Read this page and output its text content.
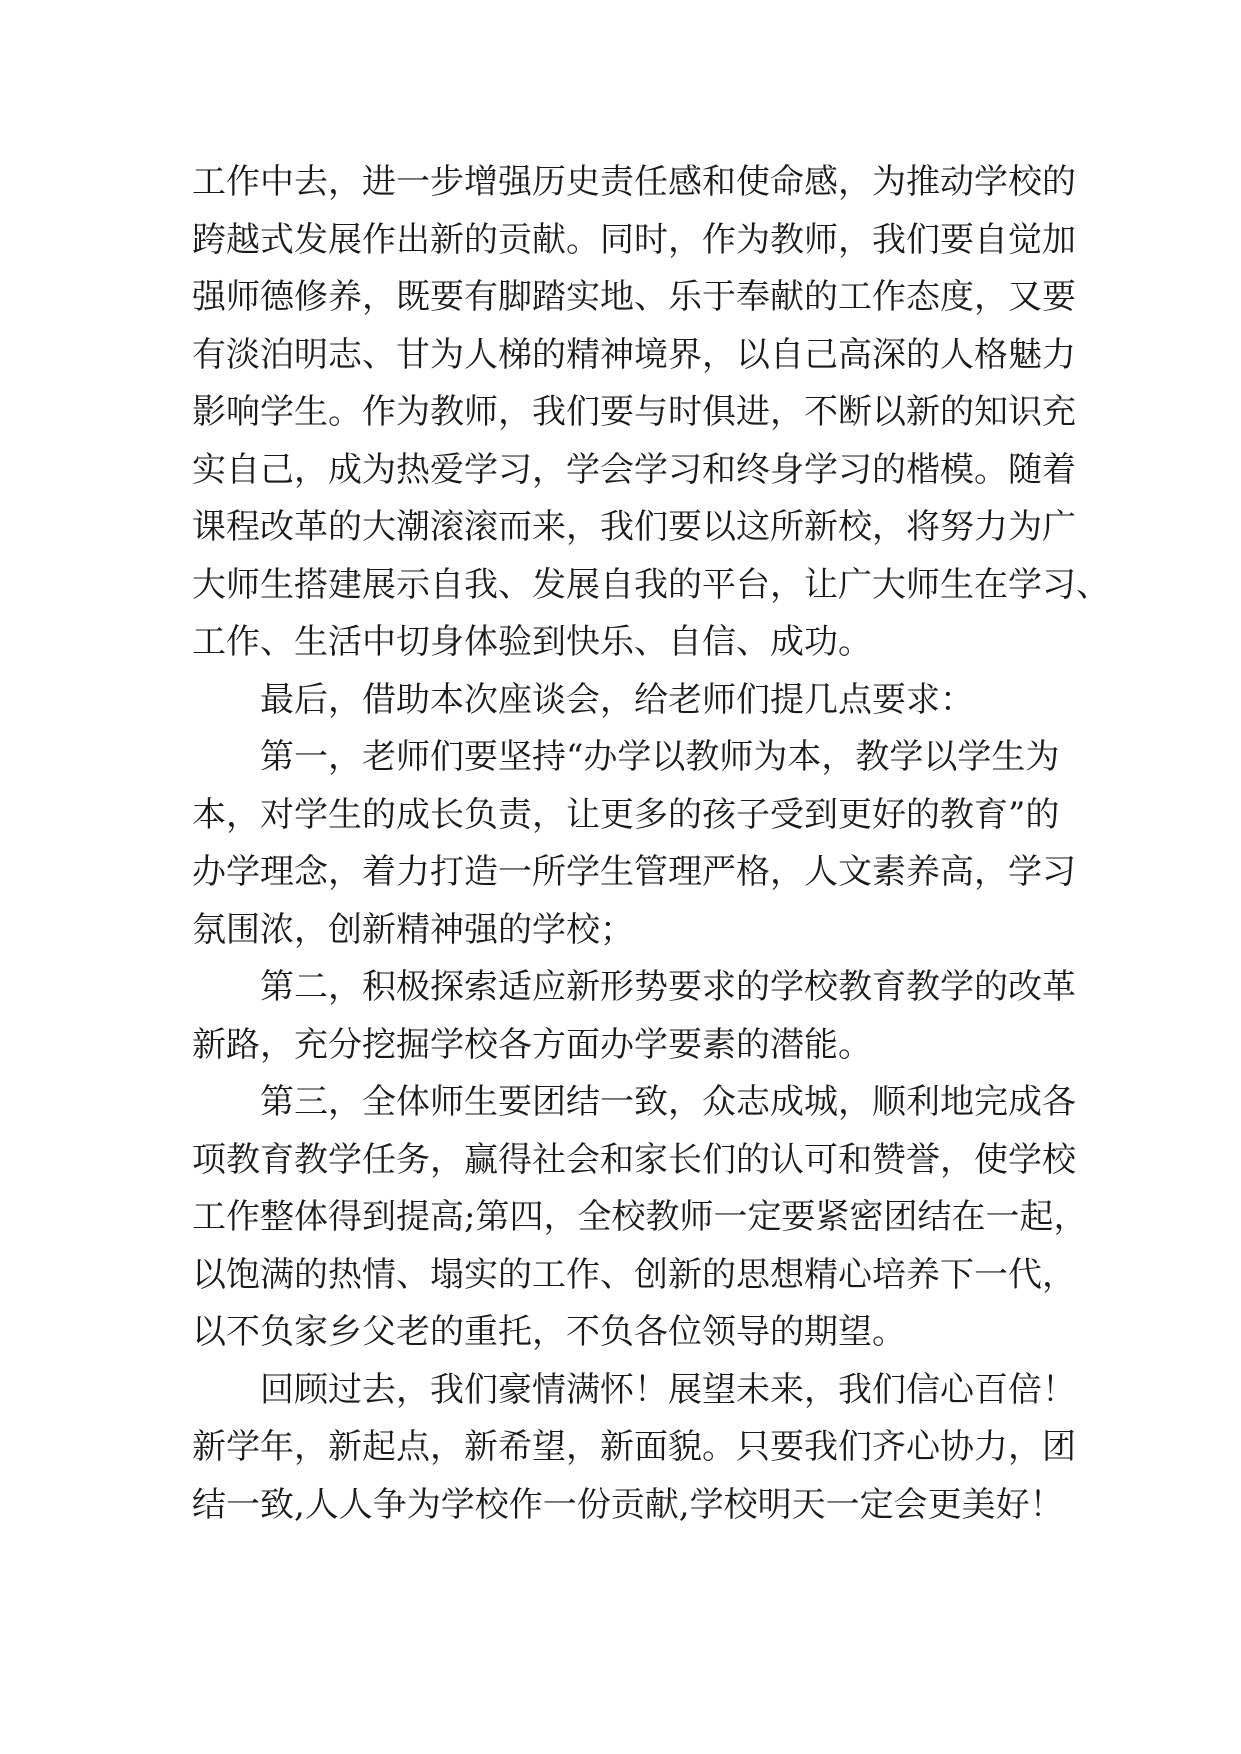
工作中去，进一步增强历史责任感和使命感，为推动学校的
跨越式发展作出新的贡献。同时，作为教师，我们要自觉加
强师德修养，既要有脚踏实地、乐于奉献的工作态度，又要
有淡泊明志、甘为人梯的精神境界，以自己高深的人格魅力
影响学生。作为教师，我们要与时俱进，不断以新的知识充
实自己，成为热爱学习，学会学习和终身学习的楷模。随着
课程改革的大潮滚滚而来，我们要以这所新校，将努力为广
大师生搭建展示自我、发展自我的平台，让广大师生在学习、
工作、生活中切身体验到快乐、自信、成功。
最后，借助本次座谈会，给老师们提几点要求：
第一，老师们要坚持“办学以教师为本，教学以学生为
本，对学生的成长负责，让更多的孩子受到更好的教育”的
办学理念，着力打造一所学生管理严格，人文素养高，学习
氛围浓，创新精神强的学校；
第二，积极探索适应新形势要求的学校教育教学的改革
新路，充分挖掘学校各方面办学要素的潜能。
第三，全体师生要团结一致，众志成城，顺利地完成各
项教育教学任务，赢得社会和家长们的认可和赞誉，使学校
工作整体得到提高;第四，全校教师一定要紧密团结在一起，
以饱满的热情、塌实的工作、创新的思想精心培养下一代，
以不负家乡父老的重托，不负各位领导的期望。
回顾过去，我们豪情满怀！展望未来，我们信心百倍！
新学年，新起点，新希望，新面貌。只要我们齐心协力，团
结一致,人人争为学校作一份贡献,学校明天一定会更美好！
